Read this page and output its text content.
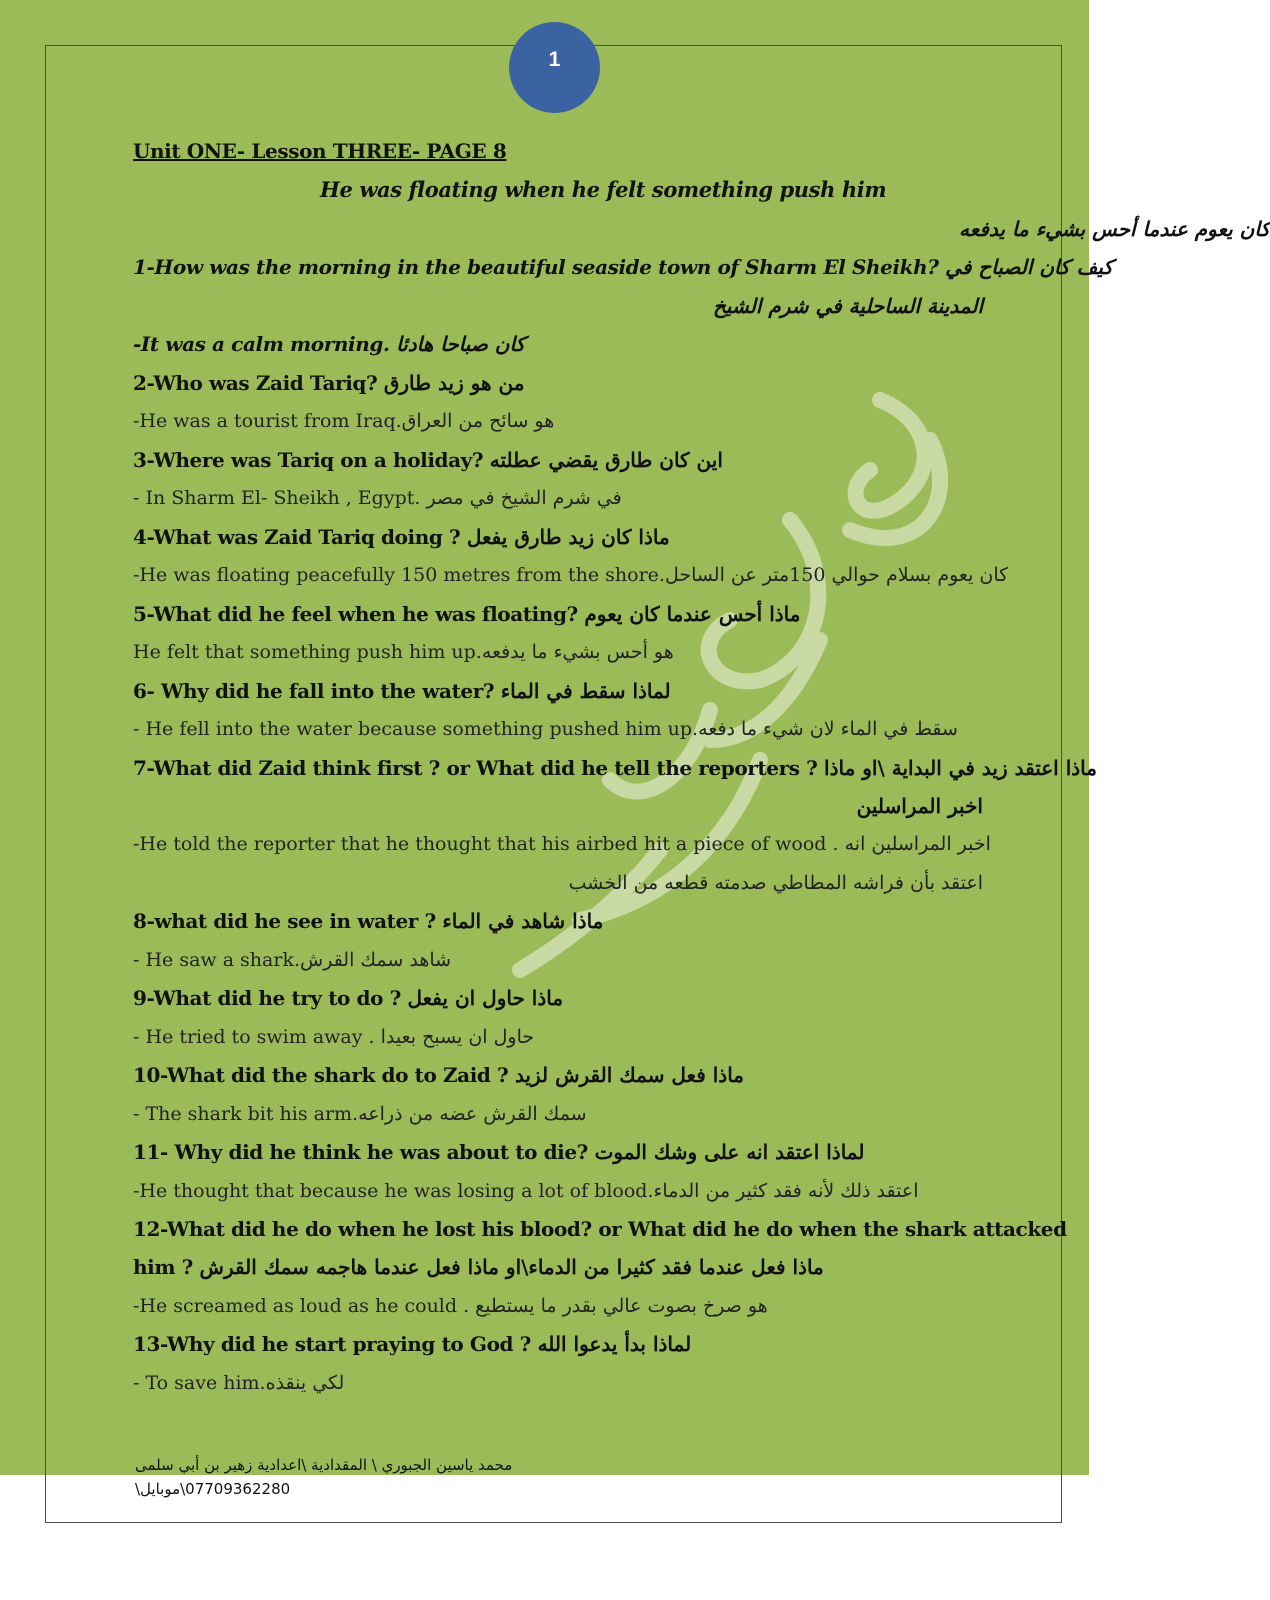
1
Unit ONE- Lesson THREE- PAGE 8
He was floating when he felt something push him
كان يعوم عندما أحس بشيء ما يدفعه
1-How was the morning in the beautiful seaside town of Sharm El Sheikh? كيف كان الصباح في
المدينة الساحلية في شرم الشيخ
-It was a calm morning. كان صباحا هادئا
2-Who was Zaid Tariq? من هو زيد طارق
-He was a tourist from Iraq.هو سائح من العراق
3-Where was Tariq on a holiday? اين كان طارق يقضي عطلته
- In Sharm El- Sheikh , Egypt. في شرم الشيخ في مصر
4-What was Zaid Tariq doing ? ماذا كان زيد طارق يفعل
-He was floating peacefully 150 metres from the shore.كان يعوم بسلام حوالي 150متر عن الساحل
5-What did he feel when he was floating? ماذا أحس عندما كان يعوم
He felt that something push him up.هو أحس بشيء ما يدفعه
6- Why did he fall into the water? لماذا سقط في الماء
- He fell into the water because something pushed him up.سقط في الماء لان شيء ما دفعه
7-What did Zaid think first ? or What did he tell the reporters ? ماذا اعتقد زيد في البداية \او ماذا
اخبر المراسلين
-He told the reporter that he thought that his airbed hit a piece of wood . اخبر المراسلين انه
اعتقد بأن فراشه المطاطي صدمته قطعه من الخشب
8-what did he see in water ? ماذا شاهد في الماء
- He saw a shark.شاهد سمك القرش
9-What did he try to do ? ماذا حاول ان يفعل
- He tried to swim away . حاول ان يسبح بعيدا
10-What did the shark do to Zaid ? ماذا فعل سمك القرش لزيد
- The shark bit his arm.سمك القرش عضه من ذراعه
11- Why did he think he was about to die? لماذا اعتقد انه على وشك الموت
-He thought that because he was losing a lot of blood.اعتقد ذلك لأنه فقد كثير من الدماء
12-What did he do when he lost his blood? or What did he do when the shark attacked
him ? ماذا فعل عندما فقد كثيرا من الدماء\او ماذا فعل عندما هاجمه سمك القرش
-He screamed as loud as he could . هو صرخ بصوت عالي بقدر ما يستطيع
13-Why did he start praying to God ? لماذا بدأ يدعوا الله
- To save him.لكي ينقذه
محمد ياسين الجبوري \ المقدادية \اعدادية زهير بن أبي سلمى
07709362280\موبايل\
